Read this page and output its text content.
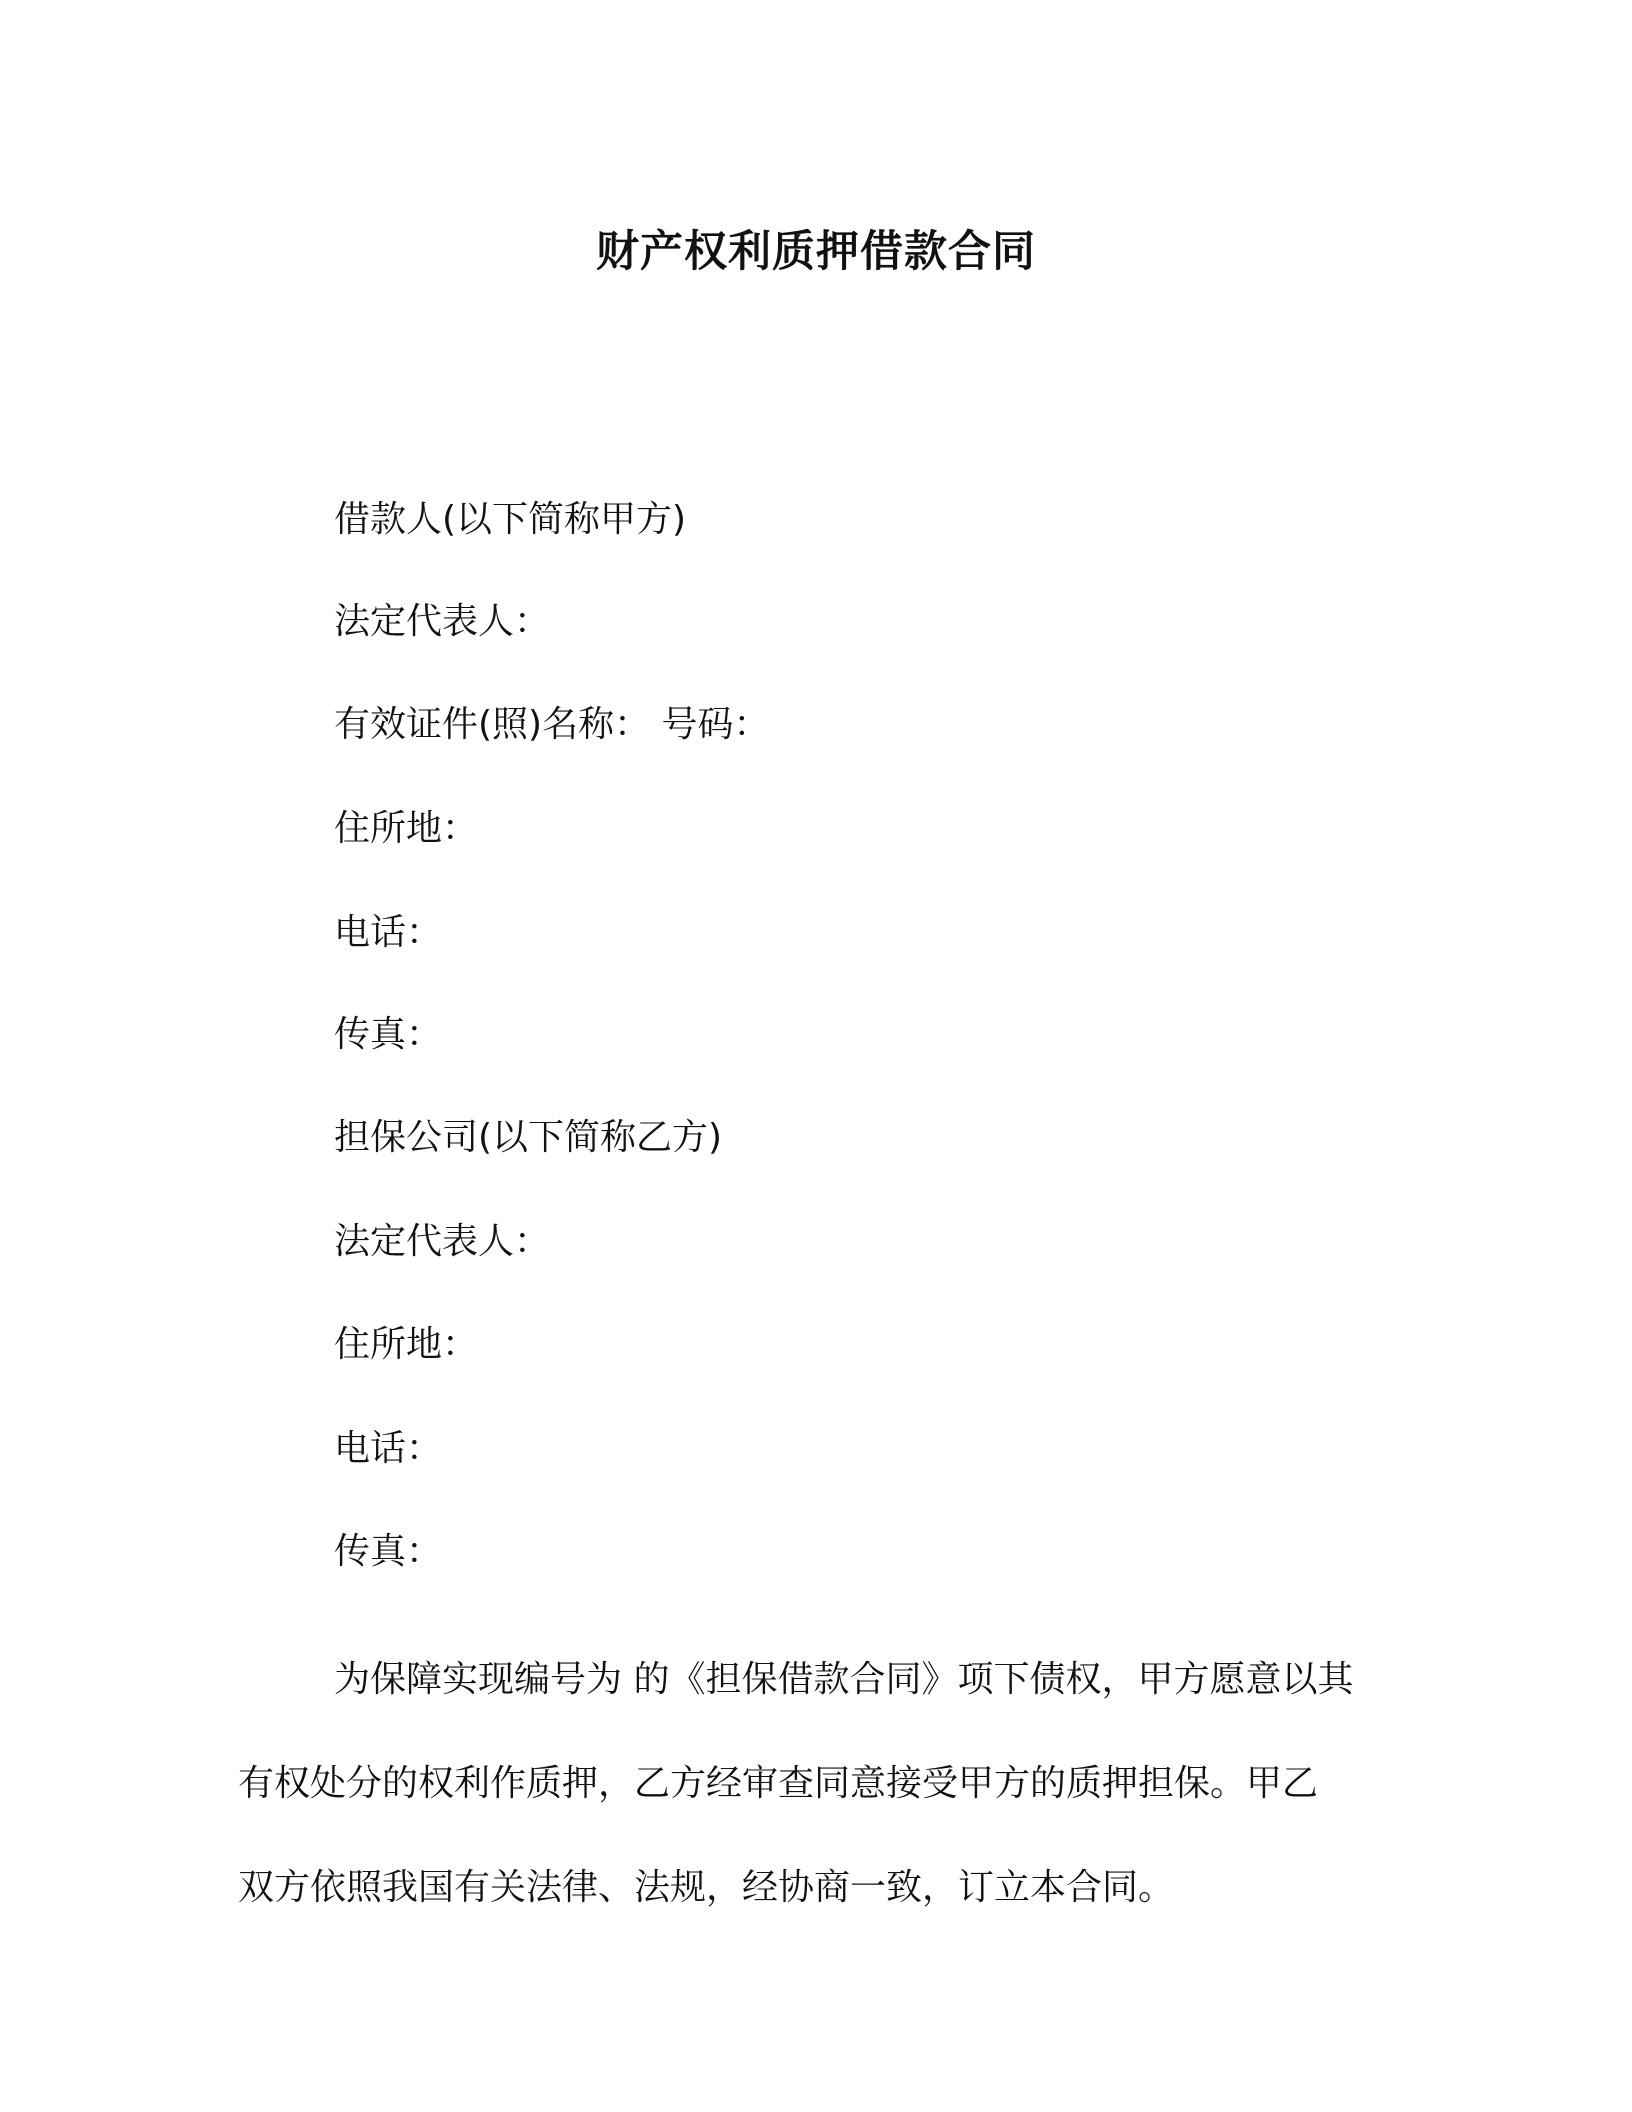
财产权利质押借款合同
借款人(以下简称甲方)
法定代表人：
有效证件(照)名称： 号码：
住所地：
电话：
传真：
担保公司(以下简称乙方)
法定代表人：
住所地：
电话：
传真：
为保障实现编号为 的《担保借款合同》项下债权，甲方愿意以其
有权处分的权利作质押，乙方经审查同意接受甲方的质押担保。甲乙
双方依照我国有关法律、法规，经协商一致，订立本合同。
